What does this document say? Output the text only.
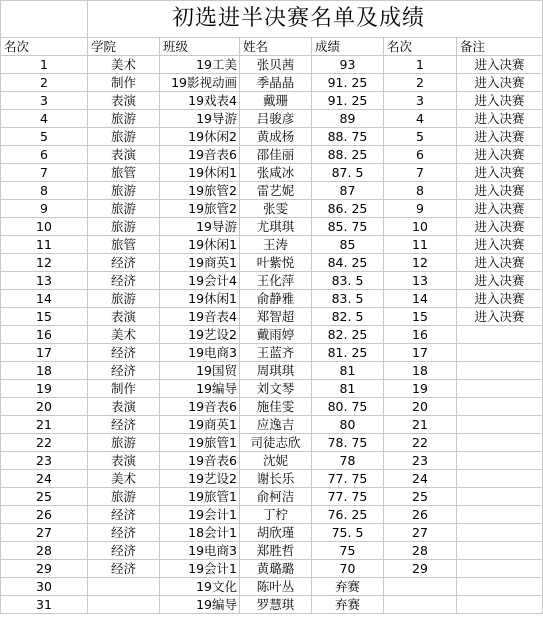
	初选进半决赛名单及成绩					

名次	学院	班级	姓名	成绩	名次	备注
1	美术	19工美	张贝茜	93	1	进入决赛
2	制作	19影视动画	季晶晶	91. 25	2	进入决赛
3	表演	19戏表4	戴珊	91. 25	3	进入决赛
4	旅游	19导游	吕骏彦	89	4	进入决赛
5	旅游	19休闲2	黄成杨	88. 75	5	进入决赛
6	表演	19音表6	邵佳丽	88. 25	6	进入决赛
7	旅管	19休闲1	张咸冰	87. 5	7	进入决赛
8	旅游	19旅管2	雷艺妮	87	8	进入决赛
9	旅游	19旅管2	张雯	86. 25	9	进入决赛
10	旅游	19导游	尤琪琪	85. 75	10	进入决赛
11	旅管	19休闲1	王涛	85	11	进入决赛
12	经济	19商英1	叶紫悦	84. 25	12	进入决赛
13	经济	19会计4	王化萍	83. 5	13	进入决赛
14	旅游	19休闲1	俞静雅	83. 5	14	进入决赛
15	表演	19音表4	郑智超	82. 5	15	进入决赛
16	美术	19艺设2	戴雨婷	82. 25	16	
17	经济	19电商3	王蓝齐	81. 25	17	
18	经济	19国贸	周琪琪	81	18	
19	制作	19编导	刘文琴	81	19	
20	表演	19音表6	施佳雯	80. 75	20	
21	经济	19商英1	应逸吉	80	21	
22	旅游	19旅管1	司徒志欣	78. 75	22	
23	表演	19音表6	沈妮	78	23	
24	美术	19艺设2	谢长乐	77. 75	24	
25	旅游	19旅管1	俞柯洁	77. 75	25	
26	经济	19会计1	丁柠	76. 25	26	
27	经济	18会计1	胡欣瑾	75. 5	27	
28	经济	19电商3	郑胜哲	75	28	
29	经济	19会计1	黄璐璐	70	29	
30		19文化	陈叶丛	弃赛		
31		19编导	罗慧琪	弃赛		
